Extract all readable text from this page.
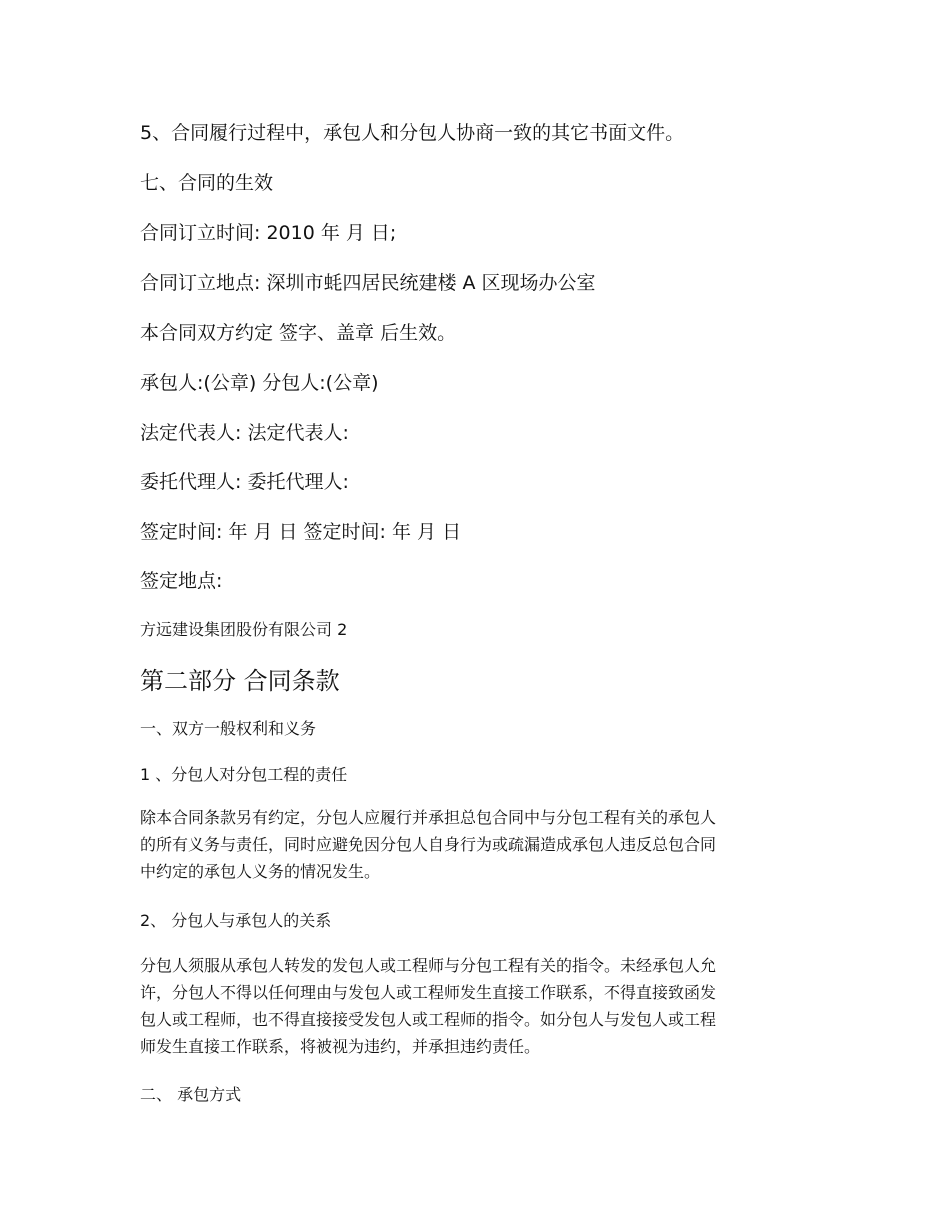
5、合同履行过程中，承包人和分包人协商一致的其它书面文件。

七、合同的生效

合同订立时间: 2010 年 月 日;

合同订立地点: 深圳市蚝四居民统建楼 A 区现场办公室

本合同双方约定 签字、盖章 后生效。

承包人:(公章) 分包人:(公章)

法定代表人: 法定代表人:

委托代理人: 委托代理人:

签定时间: 年 月 日 签定时间: 年 月 日

签定地点:

方远建设集团股份有限公司 2

第二部分 合同条款

一、双方一般权利和义务

1 、分包人对分包工程的责任

除本合同条款另有约定，分包人应履行并承担总包合同中与分包工程有关的承包人
的所有义务与责任，同时应避免因分包人自身行为或疏漏造成承包人违反总包合同
中约定的承包人义务的情况发生。

2、 分包人与承包人的关系

分包人须服从承包人转发的发包人或工程师与分包工程有关的指令。未经承包人允
许，分包人不得以任何理由与发包人或工程师发生直接工作联系，不得直接致函发
包人或工程师，也不得直接接受发包人或工程师的指令。如分包人与发包人或工程
师发生直接工作联系，将被视为违约，并承担违约责任。

二、 承包方式
